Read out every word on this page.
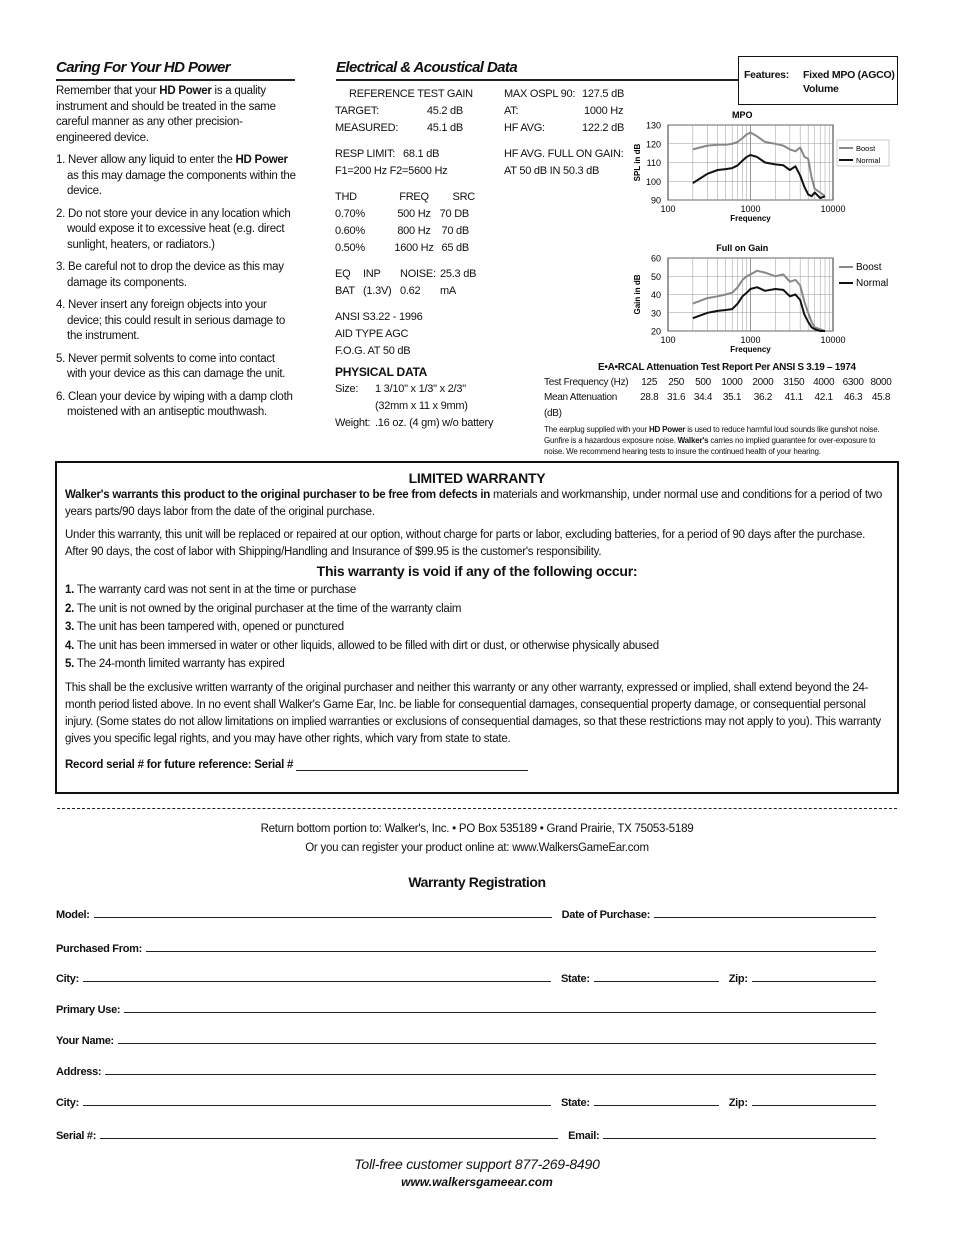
Caring For Your HD Power

Remember that your HD Power is a quality instrument and should be treated in the same careful manner as any other precision-engineered device.

1. Never allow any liquid to enter the HD Power as this may damage the components within the device.
2. Do not store your device in any location which would expose it to excessive heat (e.g. direct sunlight, heaters, or radiators.)
3. Be careful not to drop the device as this may damage its components.
4. Never insert any foreign objects into your device; this could result in serious damage to the instrument.
5. Never permit solvents to come into contact with your device as this can damage the unit.
6. Clean your device by wiping with a damp cloth moistened with an antiseptic mouthwash.
Electrical & Acoustical Data
REFERENCE TEST GAIN
TARGET:	45.2 dB
MEASURED:	45.1 dB
RESP LIMIT: 68.1 dB
F1=200 Hz F2=5600 Hz
THD	FREQ	SRC
0.70%	500 Hz 70 DB
0.60%	800 Hz 70 dB
0.50%	1600 Hz 65 dB
EQ	INP	NOISE: 25.3 dB
BAT (1.3V) 0.62	mA
ANSI S3.22 - 1996
AID TYPE AGC
F.O.G. AT 50 dB
PHYSICAL DATA
Size:	1 3/10" x 1/3" x 2/3"
(32mm x 11 x 9mm)
Weight: .16 oz. (4 gm) w/o battery
MAX OSPL 90: 127.5 dB
AT:	1000 Hz
HF AVG:	122.2 dB
HF AVG. FULL ON GAIN:
AT 50 dB IN 50.3 dB
Features: Fixed MPO (AGCO)
Volume
MPO
130
120
110
100
90
100	1000	10000
Frequency
SPL in dB	Boost
Normal
Full on Gain
60
50
40
30
20
100	1000	10000
Frequency
Gain in dB
Boost
Normal
E•A•RCAL Attenuation Test Report Per ANSI S 3.19 – 1974
Test Frequency (Hz)	125	250	500	1000 2000 3150 4000 6300 8000
Mean Attenuation (dB)
28.8 31.6 34.4	35.1	36.2	41.1	42.1	46.3 45.8
The earplug supplied with your HD Power is used to reduce harmful loud sounds like gunshot noise. Gunfire is a hazardous exposure noise. Walker's carries no implied guarantee for over-exposure to noise. We recommend hearing tests to insure the continued health of your hearing.
LIMITED WARRANTY

Walker's warrants this product to the original purchaser to be free from defects in materials and workmanship, under normal use and conditions for a period of two years parts/90 days labor from the date of the original purchase.

Under this warranty, this unit will be replaced or repaired at our option, without charge for parts or labor, excluding batteries, for a period of 90 days after the purchase. After 90 days, the cost of labor with Shipping/Handling and Insurance of $99.95 is the customer's responsibility.

This warranty is void if any of the following occur:
1. The warranty card was not sent in at the time or purchase
2. The unit is not owned by the original purchaser at the time of the warranty claim
3. The unit has been tampered with, opened or punctured
4. The unit has been immersed in water or other liquids, allowed to be filled with dirt or dust, or otherwise physically abused
5. The 24-month limited warranty has expired

This shall be the exclusive written warranty of the original purchaser and neither this warranty or any other warranty, expressed or implied, shall extend beyond the 24-month period listed above. In no event shall Walker's Game Ear, Inc. be liable for consequential damages, consequential property damage, or consequential personal injury. (Some states do not allow limitations on implied warranties or exclusions of consequential damages, so that these restrictions may not apply to you). This warranty gives you specific legal rights, and you may have other rights, which vary from state to state.

Record serial # for future reference: Serial #
Return bottom portion to: Walker's, Inc. • PO Box 535189 • Grand Prairie, TX 75053-5189
Or you can register your product online at: www.WalkersGameEar.com
Warranty Registration
Model:	Date of Purchase:
Purchased From:
City:	State:	Zip:
Primary Use:
Your Name:
Address:
City:	State:	Zip:
Serial #:	Email:
Toll-free customer support 877-269-8490
www.walkersgameear.com
